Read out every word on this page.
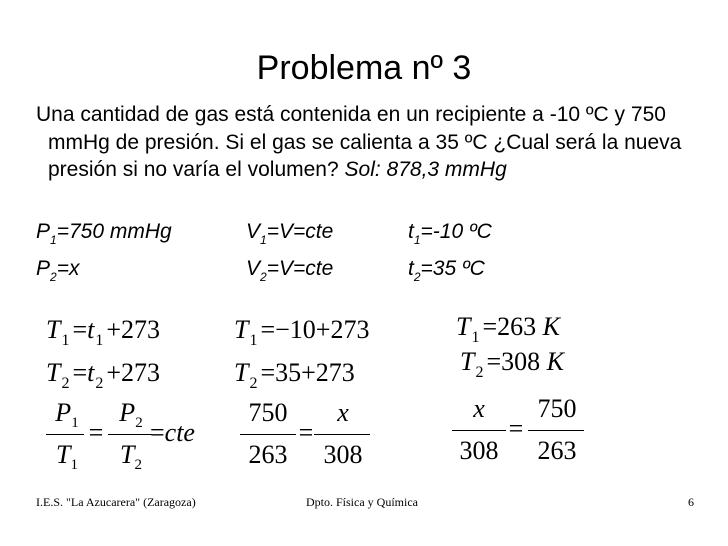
Problema nº 3

Una cantidad de gas está contenida en un recipiente a -10 ºC y 750 mmHg de presión. Si el gas se calienta a 35 ºC ¿Cual será la nueva presión si no varía el volumen? Sol: 878,3 mmHg

$P_1=750$ mmHg	$V_1=V=cte$	$t_1=-10$ ºC
$P_2=x$	$V_2=V=cte$	$t_2=35$ ºC
$T_1 =t_1 +273$
$T_2 =t_2 +273$
$T_1 =-10+273$
$T_2 =35+273$
$T_1 =263$ K
$T_2 =308$ K
$P_1$
$T_1$
=
$P_2$
$T_2$
=cte
750
263
=
x
308
x
308
=
750
263
I.E.S. "La Azucarera" (Zaragoza)	Dpto. Física y Química	6
